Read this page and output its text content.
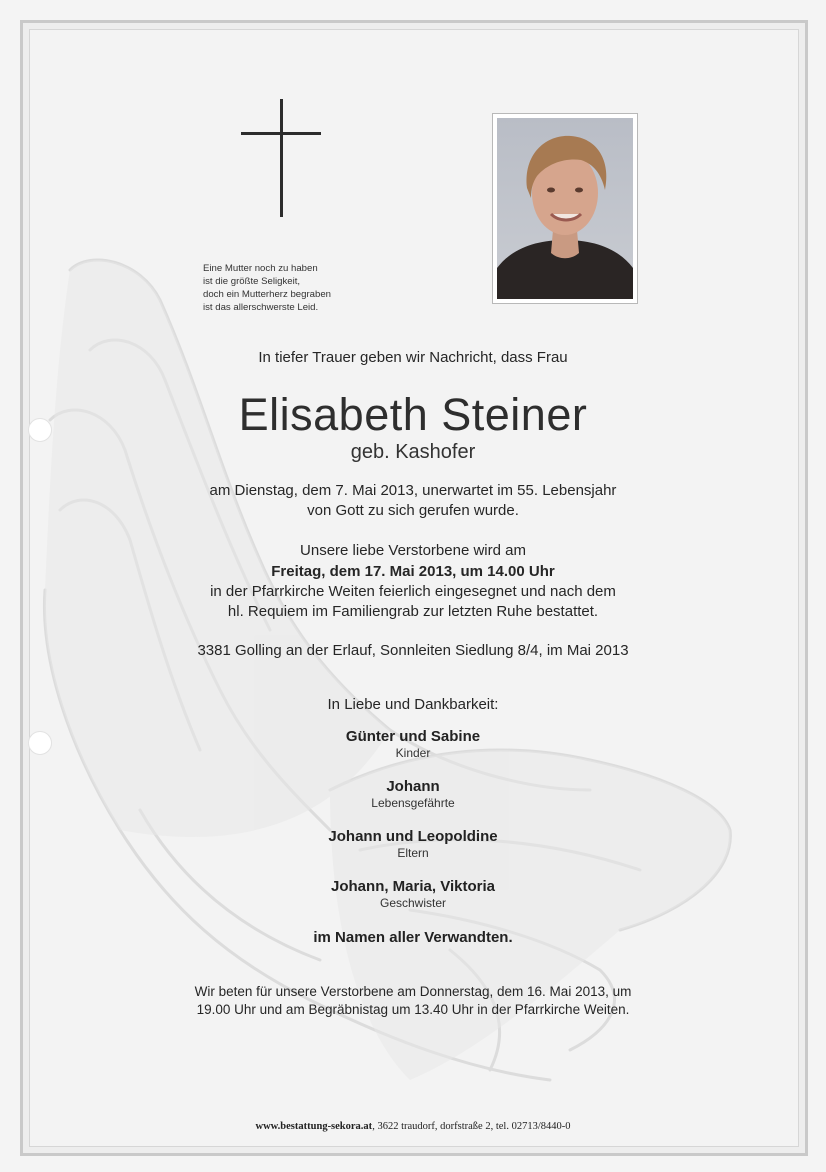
Eine Mutter noch zu haben
ist die größte Seligkeit,
doch ein Mutterherz begraben
ist das allerschwerste Leid.
In tiefer Trauer geben wir Nachricht, dass Frau
Elisabeth Steiner
geb. Kashofer
am Dienstag, dem 7. Mai 2013, unerwartet im 55. Lebensjahr
von Gott zu sich gerufen wurde.
Unsere liebe Verstorbene wird am
Freitag, dem 17. Mai 2013, um 14.00 Uhr
in der Pfarrkirche Weiten feierlich eingesegnet und nach dem
hl. Requiem im Familiengrab zur letzten Ruhe bestattet.
3381 Golling an der Erlauf, Sonnleiten Siedlung 8/4, im Mai 2013
In Liebe und Dankbarkeit:
Günter und Sabine
Kinder
Johann
Lebensgefährte
Johann und Leopoldine
Eltern
Johann, Maria, Viktoria
Geschwister
im Namen aller Verwandten.
Wir beten für unsere Verstorbene am Donnerstag, dem 16. Mai 2013, um
19.00 Uhr und am Begräbnistag um 13.40 Uhr in der Pfarrkirche Weiten.
www.bestattung-sekora.at, 3622 traudorf, dorfstraße 2, tel. 02713/8440-0
